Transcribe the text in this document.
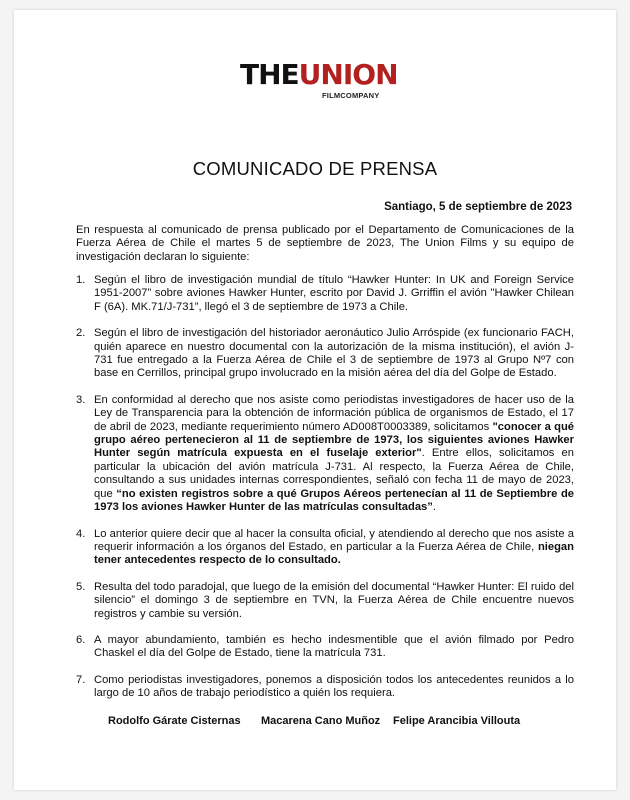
THEUNION
FILMCOMPANY
COMUNICADO DE PRENSA
Santiago, 5 de septiembre de 2023
En respuesta al comunicado de prensa publicado por el Departamento de Comunicaciones de la Fuerza Aérea de Chile el martes 5 de septiembre de 2023, The Union Films y su equipo de investigación declaran lo siguiente:
1. Según el libro de investigación mundial de título “Hawker Hunter: In UK and Foreign Service 1951-2007” sobre aviones Hawker Hunter, escrito por David J. Grriffin el avión "Hawker Chilean F (6A). MK.71/J-731”, llegó el 3 de septiembre de 1973 a Chile.
2. Según el libro de investigación del historiador aeronáutico Julio Arróspide (ex funcionario FACH, quién aparece en nuestro documental con la autorización de la misma institución), el avión J-731 fue entregado a la Fuerza Aérea de Chile el 3 de septiembre de 1973 al Grupo Nº7 con base en Cerrillos, principal grupo involucrado en la misión aérea del día del Golpe de Estado.
3. En conformidad al derecho que nos asiste como periodistas investigadores de hacer uso de la Ley de Transparencia para la obtención de información pública de organismos de Estado, el 17 de abril de 2023, mediante requerimiento número AD008T0003389, solicitamos "conocer a qué grupo aéreo pertenecieron al 11 de septiembre de 1973, los siguientes aviones Hawker Hunter según matrícula expuesta en el fuselaje exterior". Entre ellos, solicitamos en particular la ubicación del avión matrícula J-731. Al respecto, la Fuerza Aérea de Chile, consultando a sus unidades internas correspondientes, señaló con fecha 11 de mayo de 2023, que “no existen registros sobre a qué Grupos Aéreos pertenecían al 11 de Septiembre de 1973 los aviones Hawker Hunter de las matrículas consultadas”.
4. Lo anterior quiere decir que al hacer la consulta oficial, y atendiendo al derecho que nos asiste a requerir información a los órganos del Estado, en particular a la Fuerza Aérea de Chile, niegan tener antecedentes respecto de lo consultado.
5. Resulta del todo paradojal, que luego de la emisión del documental “Hawker Hunter: El ruido del silencio” el domingo 3 de septiembre en TVN, la Fuerza Aérea de Chile encuentre nuevos registros y cambie su versión.
6. A mayor abundamiento, también es hecho indesmentible que el avión filmado por Pedro Chaskel el día del Golpe de Estado, tiene la matrícula 731.
7. Como periodistas investigadores, ponemos a disposición todos los antecedentes reunidos a lo largo de 10 años de trabajo periodístico a quién los requiera.
Rodolfo Gárate Cisternas Macarena Cano Muñoz Felipe Arancibia Villouta
